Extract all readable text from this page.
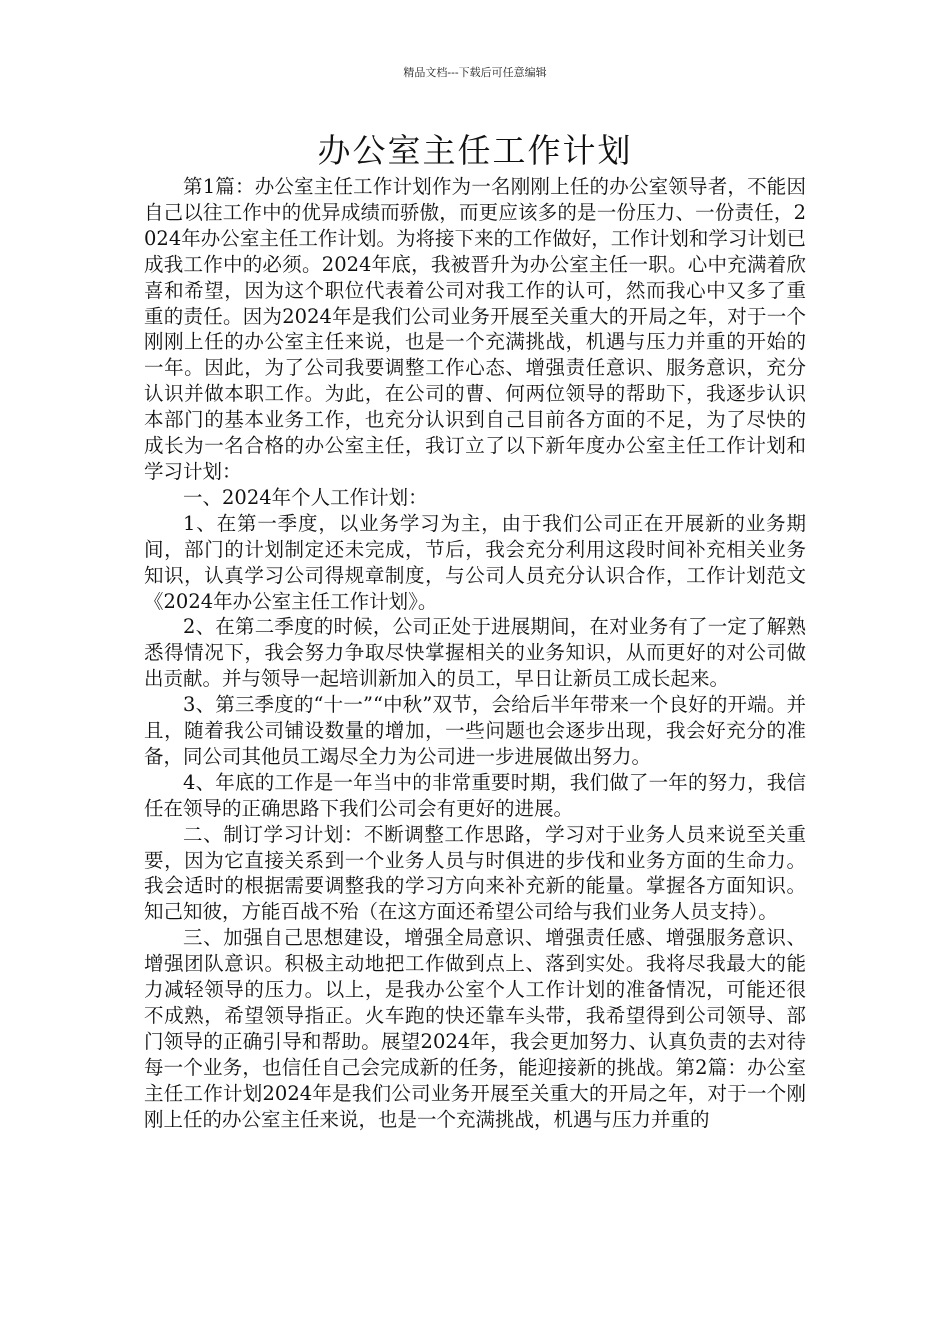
精品文档---下载后可任意编辑
办公室主任工作计划

第1篇：办公室主任工作计划作为一名刚刚上任的办公室领导者，不能因自己以往工作中的优异成绩而骄傲，而更应该多的是一份压力、一份责任，2024年办公室主任工作计划。为将接下来的工作做好，工作计划和学习计划已成我工作中的必须。2024年底，我被晋升为办公室主任一职。心中充满着欣喜和希望，因为这个职位代表着公司对我工作的认可，然而我心中又多了重重的责任。因为2024年是我们公司业务开展至关重大的开局之年，对于一个刚刚上任的办公室主任来说，也是一个充满挑战，机遇与压力并重的开始的一年。因此，为了公司我要调整工作心态、增强责任意识、服务意识，充分认识并做本职工作。为此，在公司的曹、何两位领导的帮助下，我逐步认识本部门的基本业务工作，也充分认识到自己目前各方面的不足，为了尽快的成长为一名合格的办公室主任，我订立了以下新年度办公室主任工作计划和学习计划：

一、2024年个人工作计划：

1、在第一季度，以业务学习为主，由于我们公司正在开展新的业务期间，部门的计划制定还未完成，节后，我会充分利用这段时间补充相关业务知识，认真学习公司得规章制度，与公司人员充分认识合作，工作计划范文《2024年办公室主任工作计划》。

2、在第二季度的时候，公司正处于进展期间，在对业务有了一定了解熟悉得情况下，我会努力争取尽快掌握相关的业务知识，从而更好的对公司做出贡献。并与领导一起培训新加入的员工，早日让新员工成长起来。

3、第三季度的“十一”“中秋”双节，会给后半年带来一个良好的开端。并且，随着我公司铺设数量的增加，一些问题也会逐步出现，我会好充分的准备，同公司其他员工竭尽全力为公司进一步进展做出努力。

4、年底的工作是一年当中的非常重要时期，我们做了一年的努力，我信任在领导的正确思路下我们公司会有更好的进展。

二、制订学习计划：不断调整工作思路，学习对于业务人员来说至关重要，因为它直接关系到一个业务人员与时俱进的步伐和业务方面的生命力。我会适时的根据需要调整我的学习方向来补充新的能量。掌握各方面知识。知己知彼，方能百战不殆（在这方面还希望公司给与我们业务人员支持）。

三、加强自己思想建设，增强全局意识、增强责任感、增强服务意识、增强团队意识。积极主动地把工作做到点上、落到实处。我将尽我最大的能力减轻领导的压力。以上，是我办公室个人工作计划的准备情况，可能还很不成熟，希望领导指正。火车跑的快还靠车头带，我希望得到公司领导、部门领导的正确引导和帮助。展望2024年，我会更加努力、认真负责的去对待每一个业务，也信任自己会完成新的任务，能迎接新的挑战。第2篇：办公室主任工作计划2024年是我们公司业务开展至关重大的开局之年，对于一个刚刚上任的办公室主任来说，也是一个充满挑战，机遇与压力并重的
